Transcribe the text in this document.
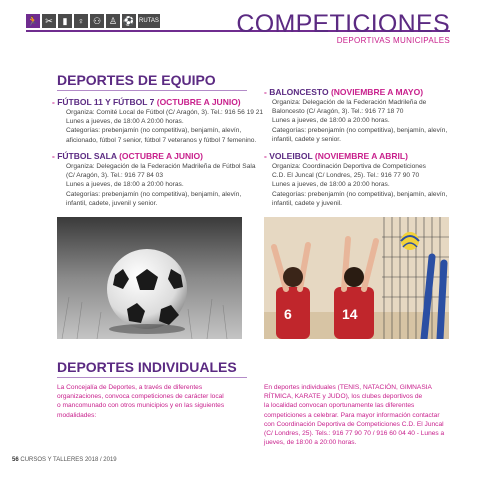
🏃 ✂	▮	♀ ⚇ ♙ ⚽ RUTAS	COMPETICIONES
DEPORTIVAS MUNICIPALES
DEPORTES DE EQUIPO
- FÚTBOL 11 Y FÚTBOL 7 (OCTUBRE A JUNIO)
Organiza: Comité Local de Fútbol (C/ Aragón, 3). Tel.: 916 56 19 21
Lunes a jueves, de 18:00 A 20:00 horas.
Categorías: prebenjamín (no competitiva), benjamín, alevín,
aficionado, fútbol 7 senior, fútbol 7 veteranos y fútbol 7 femenino.
- FÚTBOL SALA (OCTUBRE A JUNIO)
Organiza: Delegación de la Federación Madrileña de Fútbol Sala
(C/ Aragón, 3). Tel.: 916 77 84 03
Lunes a jueves, de 18:00 a 20:00 horas.
Categorías: prebenjamín (no competitiva), benjamín, alevín,
infantil, cadete, juvenil y senior.
- BALONCESTO (NOVIEMBRE A MAYO)
Organiza: Delegación de la Federación Madrileña de
Baloncesto (C/ Aragón, 3). Tel.: 916 77 18 70
Lunes a jueves, de 18:00 a 20:00 horas.
Categorías: prebenjamín (no competitiva), benjamín, alevín,
infantil, cadete y senior.
- VOLEIBOL (NOVIEMBRE A ABRIL)
Organiza: Coordinación Deportiva de Competiciones
C.D. El Juncal (C/ Londres, 25). Tel.: 916 77 90 70
Lunes a jueves, de 18:00 a 20:00 horas.
Categorías: prebenjamín (no competitiva), benjamín, alevín,
infantil, cadete y juvenil.
6	14
DEPORTES INDIVIDUALES
La Concejalía de Deportes, a través de diferentes
organizaciones, convoca competiciones de carácter local
o mancomunado con otros municipios y en las siguientes
modalidades:
En deportes individuales (TENIS, NATACIÓN, GIMNASIA
RÍTMICA, KARATE y JUDO), los clubes deportivos de
la localidad convocan oportunamente las diferentes
competiciones a celebrar. Para mayor información contactar
con Coordinación Deportiva de Competiciones C.D. El Juncal
(C/ Londres, 25). Tels.: 916 77 90 70 / 916 60 04 40 - Lunes a
jueves, de 18:00 a 20:00 horas.
56 CURSOS Y TALLERES 2018 / 2019
